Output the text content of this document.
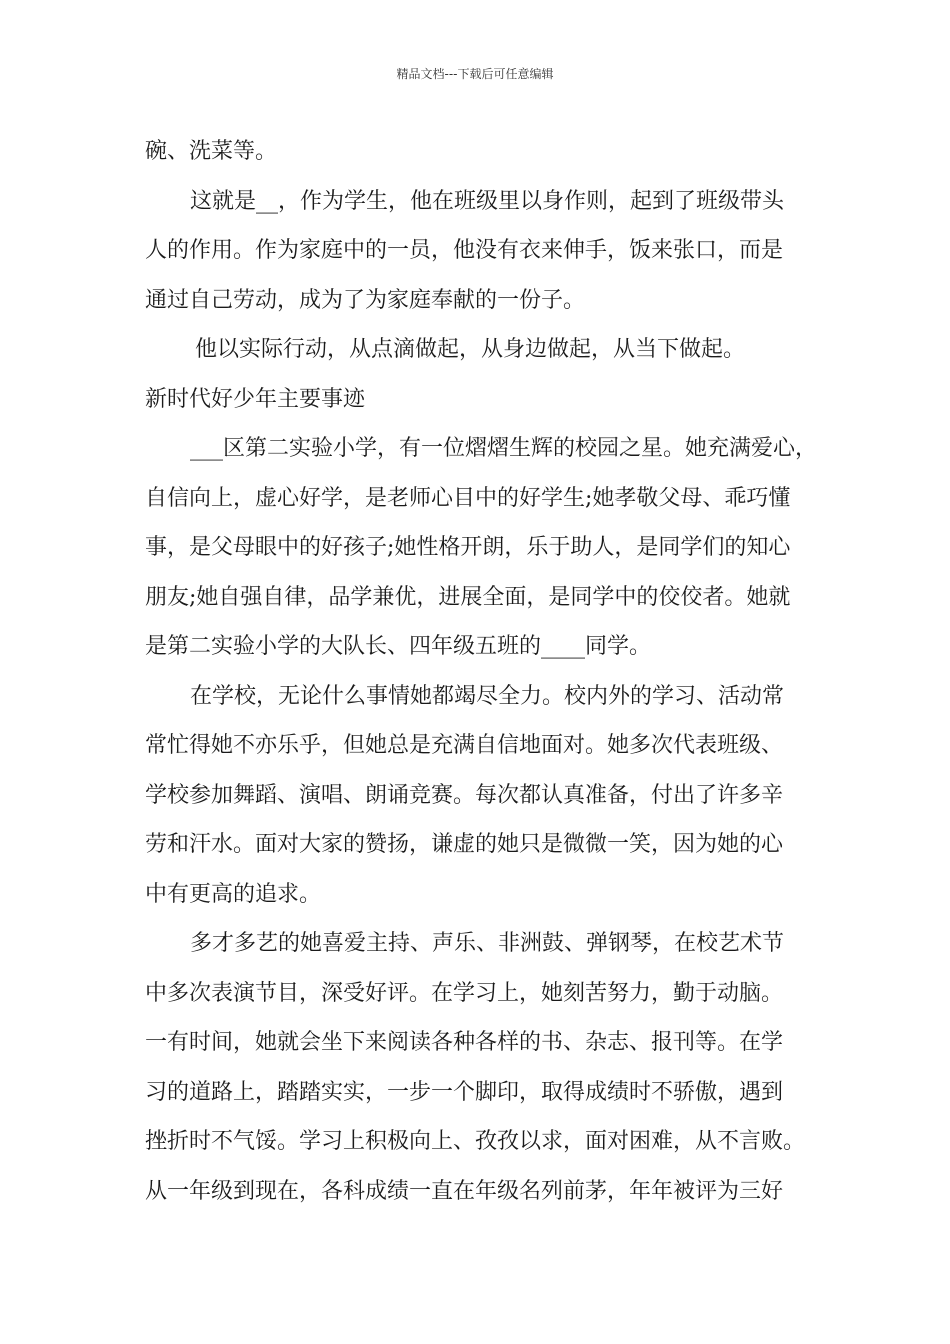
精品文档---下载后可任意编辑
碗、洗菜等。
这就是__，作为学生，他在班级里以身作则，起到了班级带头
人的作用。作为家庭中的一员，他没有衣来伸手，饭来张口，而是
通过自己劳动，成为了为家庭奉献的一份子。
他以实际行动，从点滴做起，从身边做起，从当下做起。
新时代好少年主要事迹
___区第二实验小学，有一位熠熠生辉的校园之星。她充满爱心，
自信向上，虚心好学，是老师心目中的好学生;她孝敬父母、乖巧懂
事，是父母眼中的好孩子;她性格开朗，乐于助人，是同学们的知心
朋友;她自强自律，品学兼优，进展全面，是同学中的佼佼者。她就
是第二实验小学的大队长、四年级五班的____同学。
在学校，无论什么事情她都竭尽全力。校内外的学习、活动常
常忙得她不亦乐乎，但她总是充满自信地面对。她多次代表班级、
学校参加舞蹈、演唱、朗诵竞赛。每次都认真准备，付出了许多辛
劳和汗水。面对大家的赞扬，谦虚的她只是微微一笑，因为她的心
中有更高的追求。
多才多艺的她喜爱主持、声乐、非洲鼓、弹钢琴，在校艺术节
中多次表演节目，深受好评。在学习上，她刻苦努力，勤于动脑。
一有时间，她就会坐下来阅读各种各样的书、杂志、报刊等。在学
习的道路上，踏踏实实，一步一个脚印，取得成绩时不骄傲，遇到
挫折时不气馁。学习上积极向上、孜孜以求，面对困难，从不言败。
从一年级到现在，各科成绩一直在年级名列前茅，年年被评为三好
